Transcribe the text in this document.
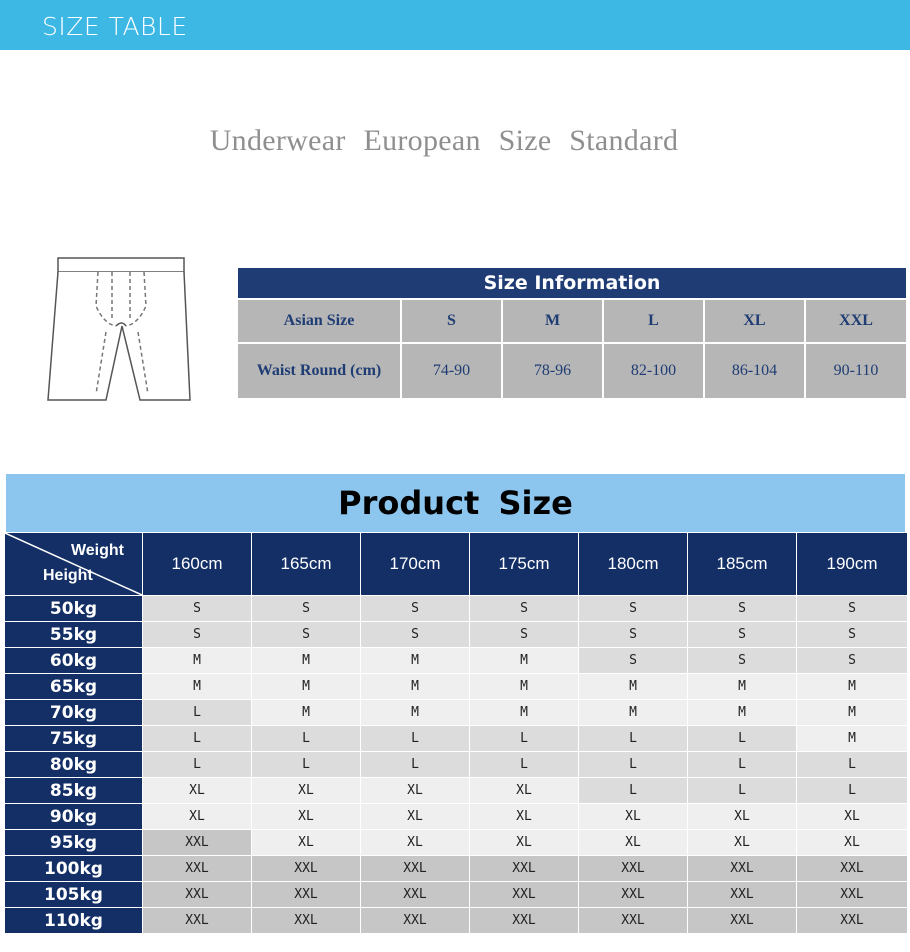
SIZE TABLE
Underwear European Size Standard
Size Information					
Asian Size	S	M	L	XL	XXL
Waist Round (cm)	74-90	78-96	82-100	86-104	90-110
Product Size
Weight
Height	160cm	165cm	170cm	175cm	180cm	185cm	190cm
50kg	S	S	S	S	S	S	S
55kg	S	S	S	S	S	S	S
60kg	M	M	M	M	S	S	S
65kg	M	M	M	M	M	M	M
70kg	L	M	M	M	M	M	M
75kg	L	L	L	L	L	L	M
80kg	L	L	L	L	L	L	L
85kg	XL	XL	XL	XL	L	L	L
90kg	XL	XL	XL	XL	XL	XL	XL
95kg	XXL	XL	XL	XL	XL	XL	XL
100kg	XXL	XXL	XXL	XXL	XXL	XXL	XXL
105kg	XXL	XXL	XXL	XXL	XXL	XXL	XXL
110kg	XXL	XXL	XXL	XXL	XXL	XXL	XXL
